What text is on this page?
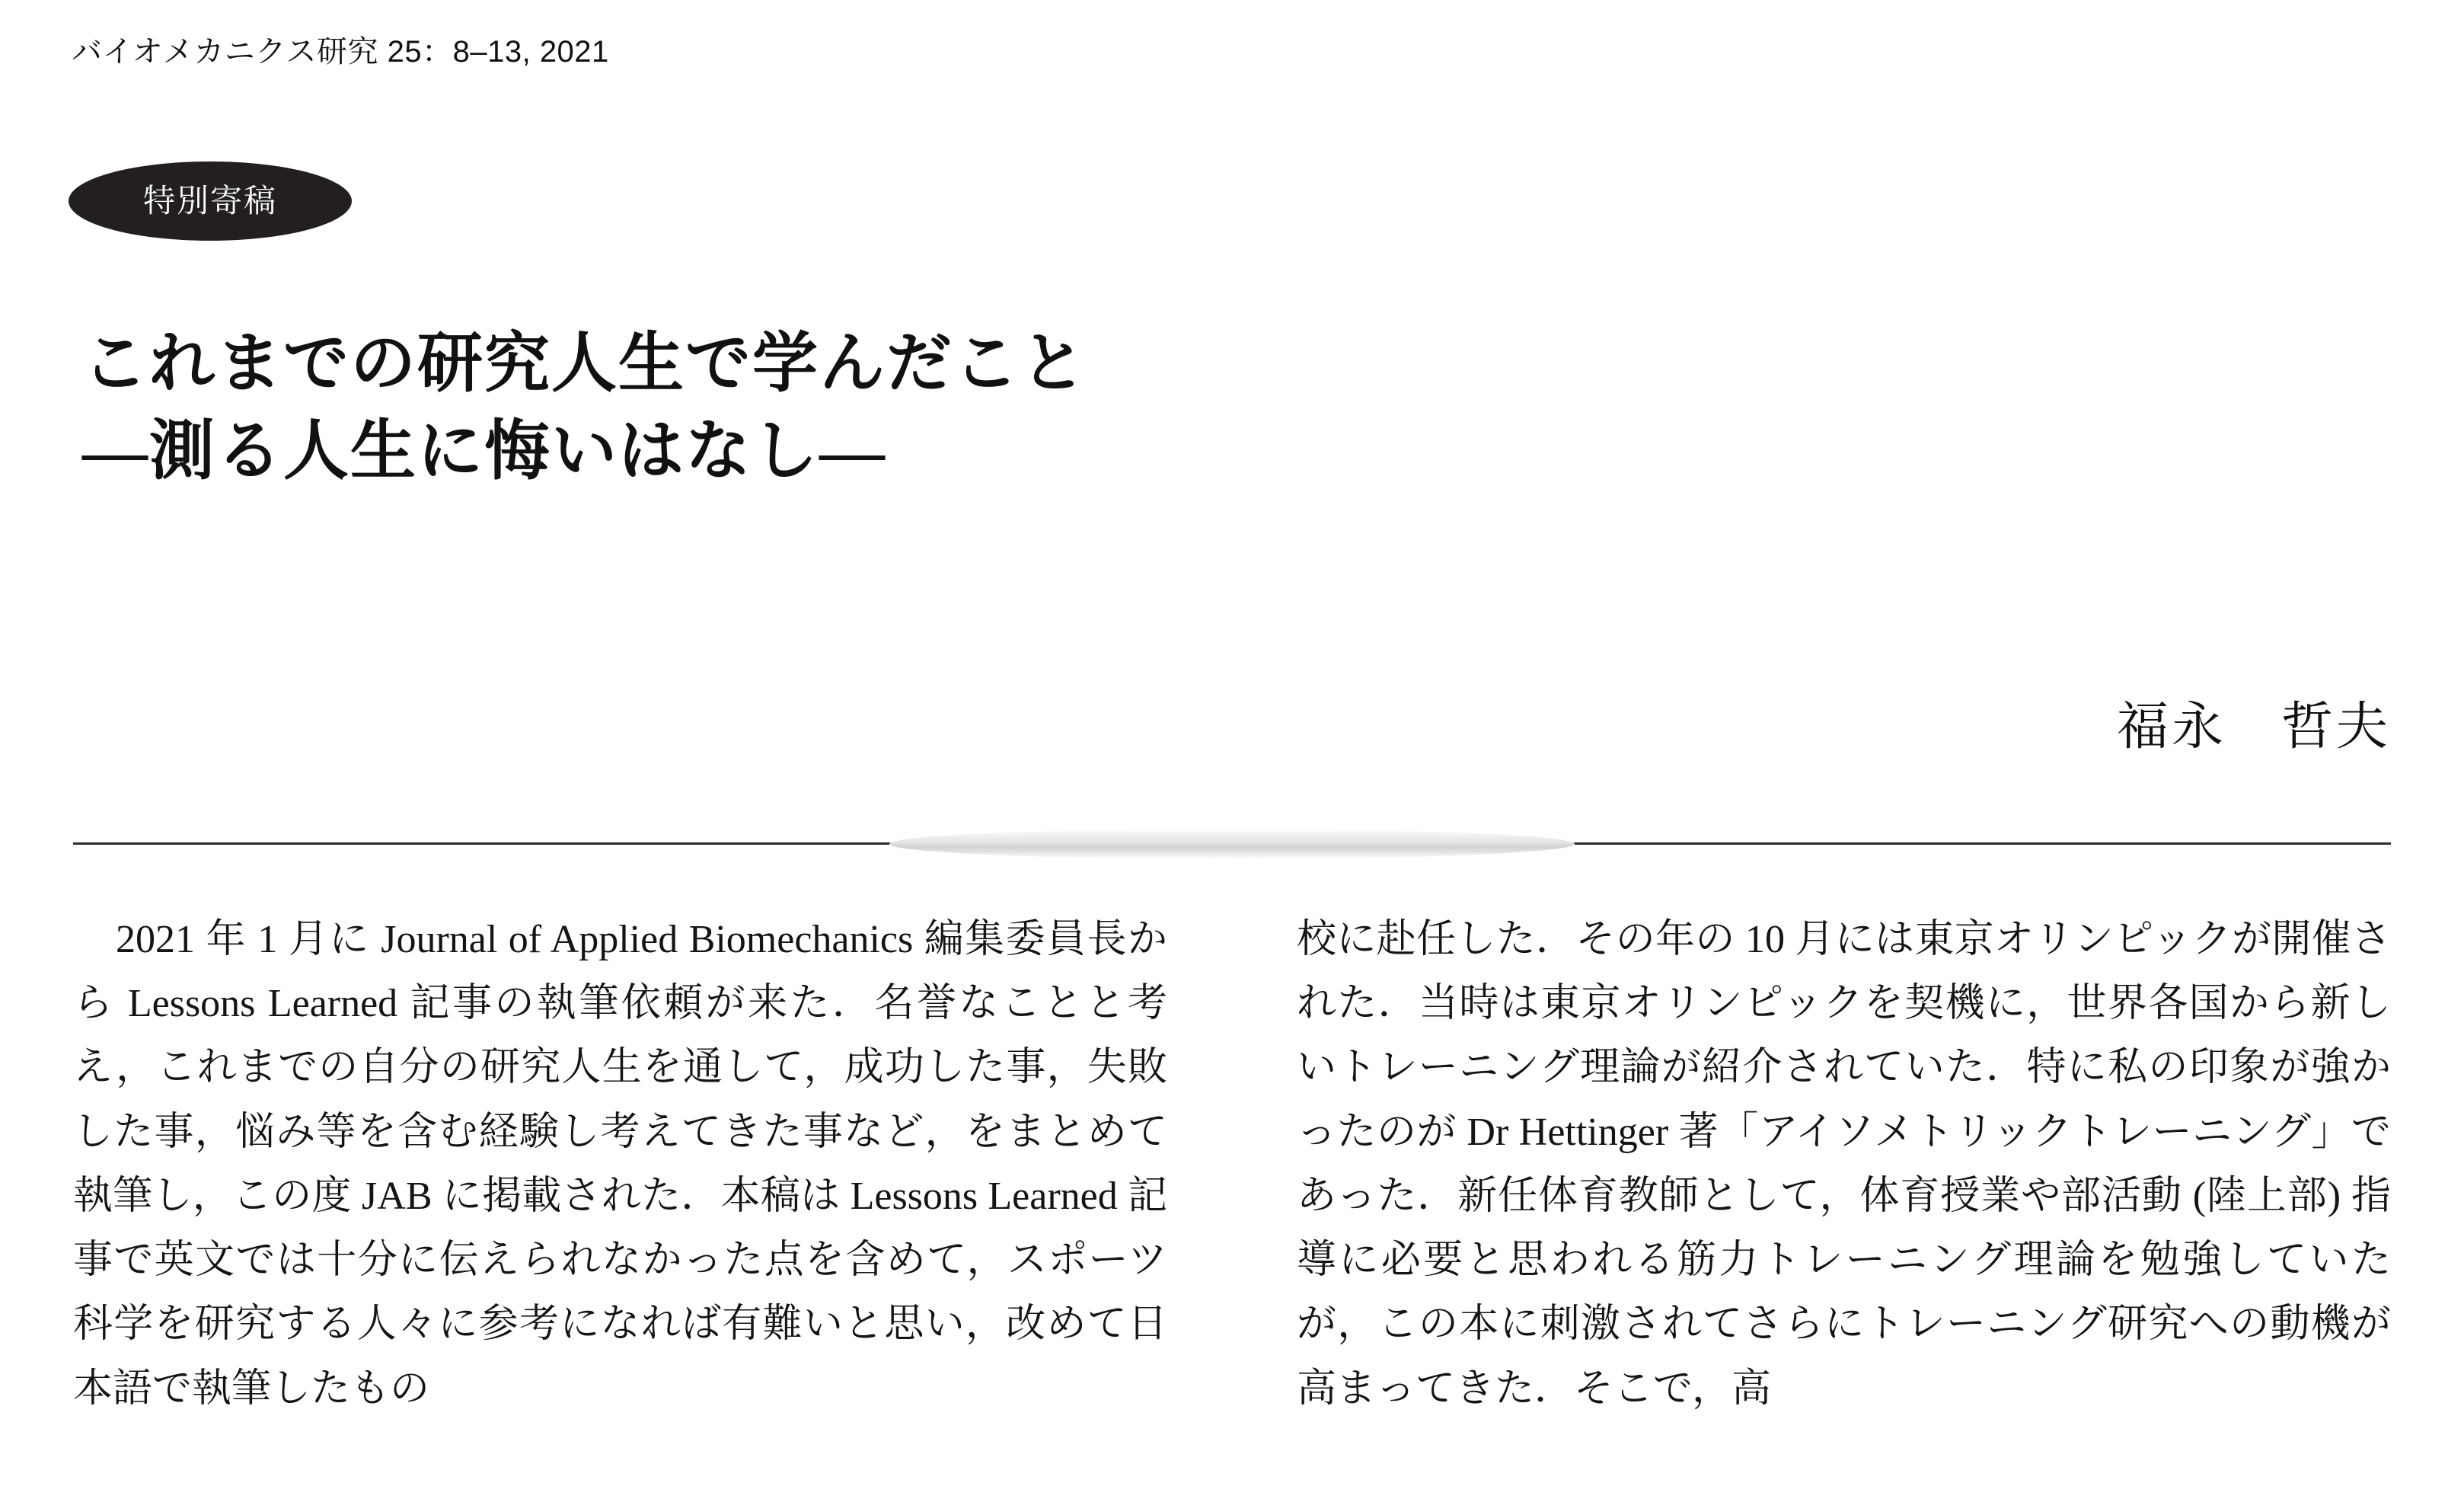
バイオメカニクス研究 25：8–13, 2021
特別寄稿
これまでの研究人生で学んだこと
―測る人生に悔いはなし―
福永　哲夫

2021 年 1 月に Journal of Applied Biomechanics 編集委員長から Lessons Learned 記事の執筆依頼が来た．名誉なことと考え，これまでの自分の研究人生を通して，成功した事，失敗した事，悩み等を含む経験し考えてきた事など，をまとめて執筆し，この度 JAB に掲載された．本稿は Lessons Learned 記事で英文では十分に伝えられなかった点を含めて，スポーツ科学を研究する人々に参考になれば有難いと思い，改めて日本語で執筆したもの

校に赴任した．その年の 10 月には東京オリンピックが開催された．当時は東京オリンピックを契機に，世界各国から新しいトレーニング理論が紹介されていた．特に私の印象が強かったのが Dr Hettinger 著「アイソメトリックトレーニング」であった．新任体育教師として，体育授業や部活動 (陸上部) 指導に必要と思われる筋力トレーニング理論を勉強していたが，この本に刺激されてさらにトレーニング研究への動機が高まってきた．そこで，高
